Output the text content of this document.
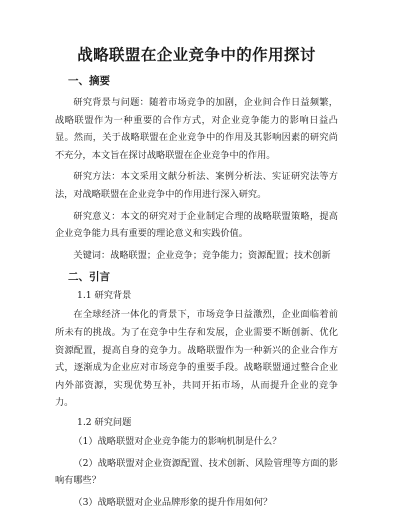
战略联盟在企业竞争中的作用探讨
一、摘要

研究背景与问题：随着市场竞争的加剧，企业间合作日益频繁，战略联盟作为一种重要的合作方式，对企业竞争能力的影响日益凸显。然而，关于战略联盟在企业竞争中的作用及其影响因素的研究尚不充分，本文旨在探讨战略联盟在企业竞争中的作用。

研究方法：本文采用文献分析法、案例分析法、实证研究法等方法，对战略联盟在企业竞争中的作用进行深入研究。

研究意义：本文的研究对于企业制定合理的战略联盟策略，提高企业竞争能力具有重要的理论意义和实践价值。

关键词：战略联盟；企业竞争；竞争能力；资源配置；技术创新

二、引言
1.1 研究背景

在全球经济一体化的背景下，市场竞争日益激烈，企业面临着前所未有的挑战。为了在竞争中生存和发展，企业需要不断创新、优化资源配置，提高自身的竞争力。战略联盟作为一种新兴的企业合作方式，逐渐成为企业应对市场竞争的重要手段。战略联盟通过整合企业内外部资源，实现优势互补，共同开拓市场，从而提升企业的竞争力。

1.2 研究问题
（1）战略联盟对企业竞争能力的影响机制是什么？
（2）战略联盟对企业资源配置、技术创新、风险管理等方面的影响有哪些？
（3）战略联盟对企业品牌形象的提升作用如何？
